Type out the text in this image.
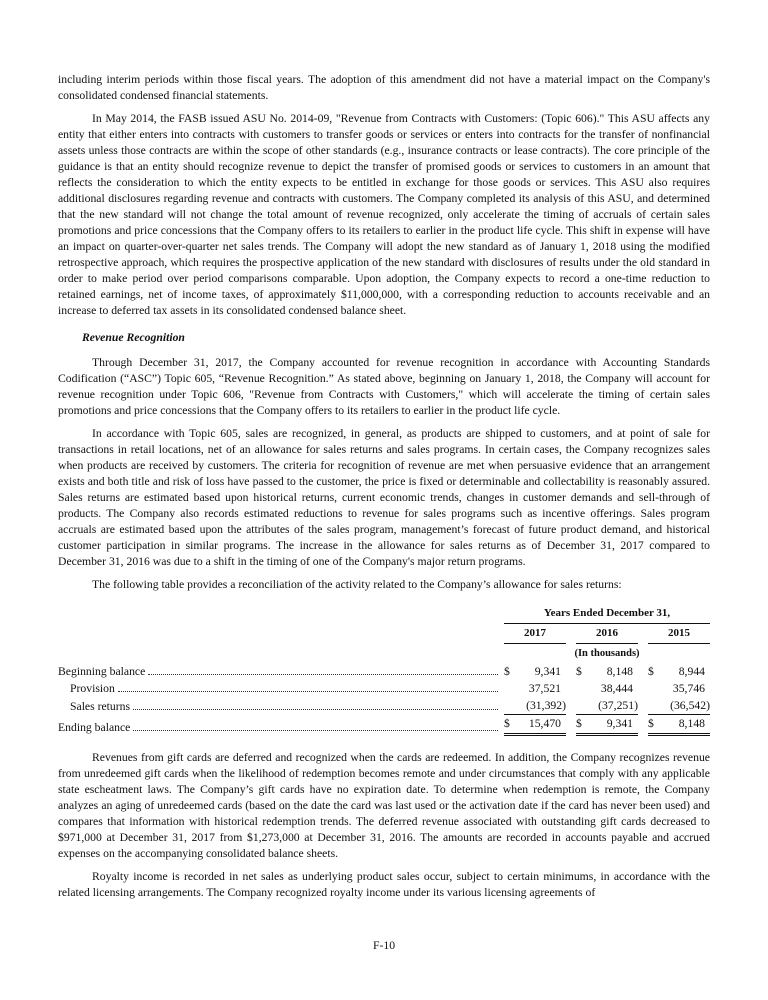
including interim periods within those fiscal years. The adoption of this amendment did not have a material impact on the Company's consolidated condensed financial statements.

In May 2014, the FASB issued ASU No. 2014-09, "Revenue from Contracts with Customers: (Topic 606)." This ASU affects any entity that either enters into contracts with customers to transfer goods or services or enters into contracts for the transfer of nonfinancial assets unless those contracts are within the scope of other standards (e.g., insurance contracts or lease contracts). The core principle of the guidance is that an entity should recognize revenue to depict the transfer of promised goods or services to customers in an amount that reflects the consideration to which the entity expects to be entitled in exchange for those goods or services. This ASU also requires additional disclosures regarding revenue and contracts with customers. The Company completed its analysis of this ASU, and determined that the new standard will not change the total amount of revenue recognized, only accelerate the timing of accruals of certain sales promotions and price concessions that the Company offers to its retailers to earlier in the product life cycle. This shift in expense will have an impact on quarter-over-quarter net sales trends. The Company will adopt the new standard as of January 1, 2018 using the modified retrospective approach, which requires the prospective application of the new standard with disclosures of results under the old standard in order to make period over period comparisons comparable. Upon adoption, the Company expects to record a one-time reduction to retained earnings, net of income taxes, of approximately $11,000,000, with a corresponding reduction to accounts receivable and an increase to deferred tax assets in its consolidated condensed balance sheet.

Revenue Recognition

Through December 31, 2017, the Company accounted for revenue recognition in accordance with Accounting Standards Codification (“ASC”) Topic 605, “Revenue Recognition.” As stated above, beginning on January 1, 2018, the Company will account for revenue recognition under Topic 606, "Revenue from Contracts with Customers," which will accelerate the timing of certain sales promotions and price concessions that the Company offers to its retailers to earlier in the product life cycle.

In accordance with Topic 605, sales are recognized, in general, as products are shipped to customers, and at point of sale for transactions in retail locations, net of an allowance for sales returns and sales programs. In certain cases, the Company recognizes sales when products are received by customers. The criteria for recognition of revenue are met when persuasive evidence that an arrangement exists and both title and risk of loss have passed to the customer, the price is fixed or determinable and collectability is reasonably assured. Sales returns are estimated based upon historical returns, current economic trends, changes in customer demands and sell-through of products. The Company also records estimated reductions to revenue for sales programs such as incentive offerings. Sales program accruals are estimated based upon the attributes of the sales program, management’s forecast of future product demand, and historical customer participation in similar programs. The increase in the allowance for sales returns as of December 31, 2017 compared to December 31, 2016 was due to a shift in the timing of one of the Company's major return programs.

The following table provides a reconciliation of the activity related to the Company’s allowance for sales returns:

Years Ended December 31,
2017	2016	2015
(In thousands)
Beginning balance	$ 9,341 $ 8,148 $ 8,944
Provision	37,521	38,444	35,746
Sales returns	(31,392)	(37,251)	(36,542)
Ending balance	$ 15,470 $ 9,341 $ 8,148

Revenues from gift cards are deferred and recognized when the cards are redeemed. In addition, the Company recognizes revenue from unredeemed gift cards when the likelihood of redemption becomes remote and under circumstances that comply with any applicable state escheatment laws. The Company’s gift cards have no expiration date. To determine when redemption is remote, the Company analyzes an aging of unredeemed cards (based on the date the card was last used or the activation date if the card has never been used) and compares that information with historical redemption trends. The deferred revenue associated with outstanding gift cards decreased to $971,000 at December 31, 2017 from $1,273,000 at December 31, 2016. The amounts are recorded in accounts payable and accrued expenses on the accompanying consolidated balance sheets.

Royalty income is recorded in net sales as underlying product sales occur, subject to certain minimums, in accordance with the related licensing arrangements. The Company recognized royalty income under its various licensing agreements of

F-10
